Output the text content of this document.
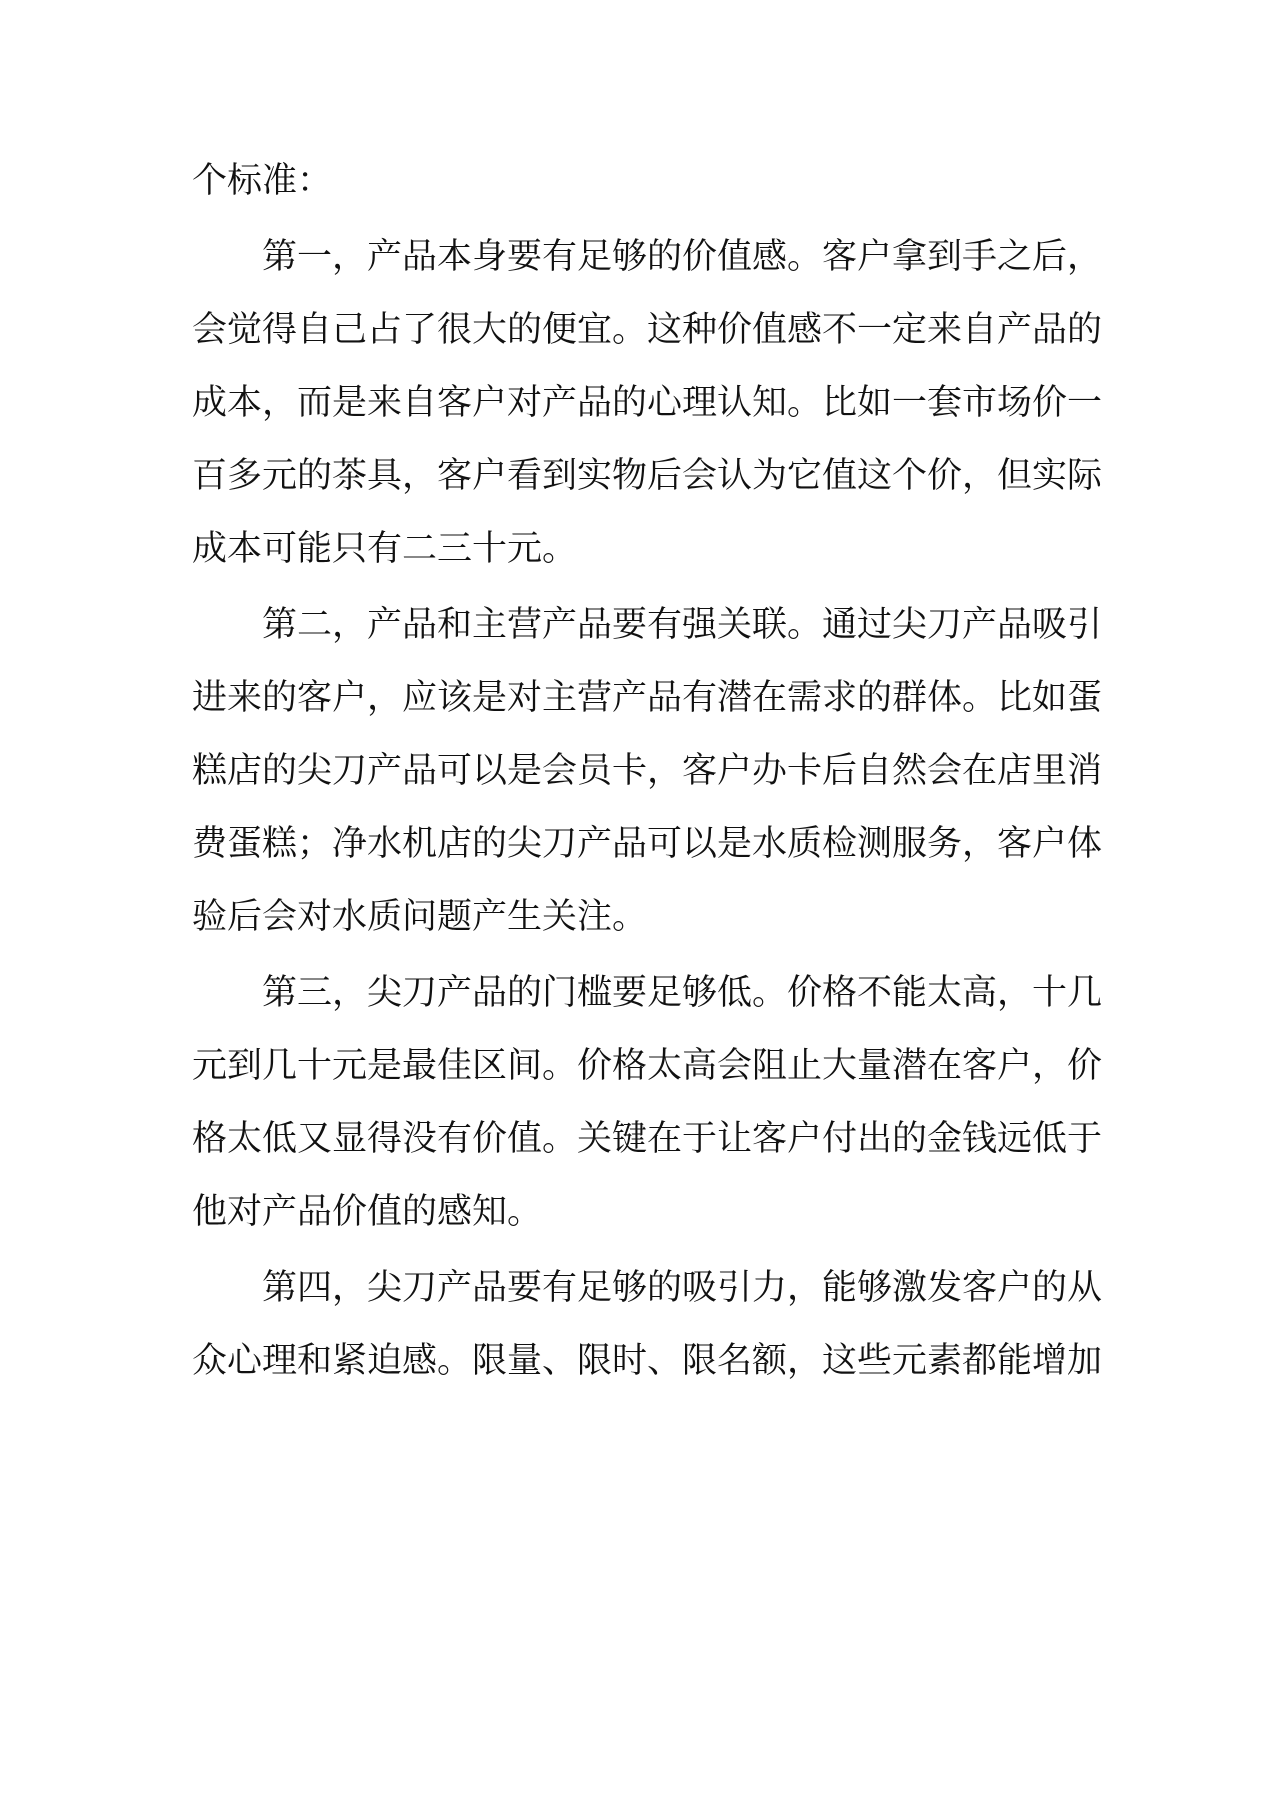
个标准：
第一，产品本身要有足够的价值感。客户拿到手之后，
会觉得自己占了很大的便宜。这种价值感不一定来自产品的
成本，而是来自客户对产品的心理认知。比如一套市场价一
百多元的茶具，客户看到实物后会认为它值这个价，但实际
成本可能只有二三十元。
第二，产品和主营产品要有强关联。通过尖刀产品吸引
进来的客户，应该是对主营产品有潜在需求的群体。比如蛋
糕店的尖刀产品可以是会员卡，客户办卡后自然会在店里消
费蛋糕；净水机店的尖刀产品可以是水质检测服务，客户体
验后会对水质问题产生关注。
第三，尖刀产品的门槛要足够低。价格不能太高，十几
元到几十元是最佳区间。价格太高会阻止大量潜在客户，价
格太低又显得没有价值。关键在于让客户付出的金钱远低于
他对产品价值的感知。
第四，尖刀产品要有足够的吸引力，能够激发客户的从
众心理和紧迫感。限量、限时、限名额，这些元素都能增加
